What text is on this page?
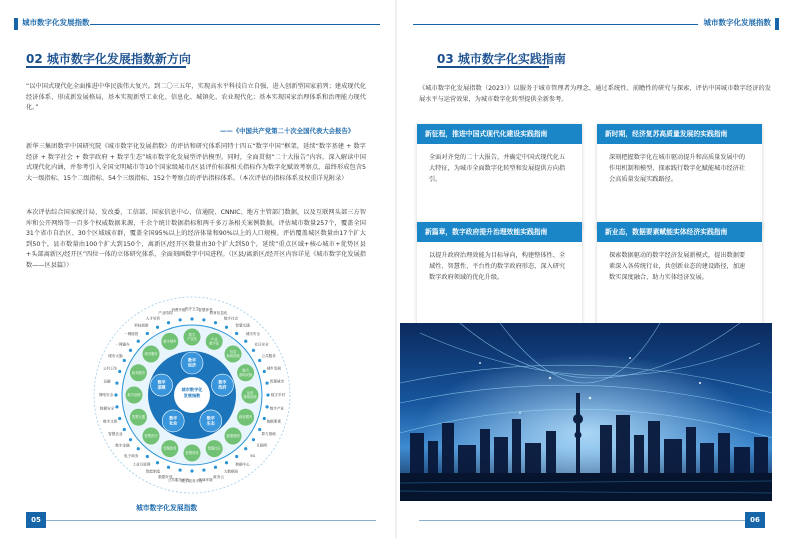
城市数字化发展指数
02 城市数字化发展指数新方向
“以中国式现代化全面推进中华民族伟大复兴。到二〇三五年，实现高水平科技自立自强，进入创新型国家前列；建成现代化经济体系，形成新发展格局，基本实现新型工业化、信息化、城镇化、农业现代化；基本实现国家治理体系和治理能力现代化。”
——《中国共产党第二十次全国代表大会报告》
新华三集团数字中国研究院《城市数字化发展指数》的评估和研究体系同特十四五“数字中国”框架，延续“数字基建 + 数字经济 + 数字社会 + 数字政府 + 数字生态”城市数字化发展型评估模型。同时，全面贯彻“二十大报告”内容，深入解读中国式现代化内涵，并参考引入全国文明城市等10个国家级城市/区县评价标准相关指标作为数字化赋效考察点，最终形成包含5大一级指标、15个二级指标、54个三级指标、152个考察点的评估指标体系。（本次评估的指标体系及权重详见附录）
本次评估综合国家统计局、发改委、工信部、国家信息中心、信通院、CNNIC、地方主管部门数据，以及互联网头部三方智库和公开网络等一百多个权威数据来源，千余个统计数据指标和两千多万条相关案例数据。评估城市数量257个，覆盖全国31个省市自治区、30个区域城市群，覆盖全国95%以上的经济体量和90%以上的人口规模。评估覆盖城区数量由17个扩大到50个，县市数量由100个扩大到150个，离新区/经开区数量由30个扩大到50个，延续“重点区域+核心城市+优势区县+头部离新区/经开区”四位一体的立体研究体系，全面刻画数字中国进程。（区县/离新区/经开区内容详见《城市数字化发展指数——区县篇》）
数字
产业化	产业
数字化
信息
基础设施
融合
基础设施
运营
基础设施
政府服务
数据管理
智慧社区
智慧养老
智慧教育
智慧医疗
智慧交通
数字治理
政务服务
城市服务
数字城乡
数字
经济
数字
政府
数字
生态
数字
社会
数字
基建	城市数字化
发展指数
医疗卫生 智慧养老
教育信息化
数字社会
智慧交通
城市安全
社区安全
公共服务
城乡发展
智慧城市
数字乡村
数字产业
数据要素
算力基础
互联网
5G
数据中心
大数据局
政务云
营商环境
数字政务平台
公共服务平台
数据开放
智能制造
工业互联网
电子商务
数字金融
智慧农业
数字文旅
数据安全
网络安全
双碳
公共卫生
城市大脑
一网通办
一网统管
科技创新
人才培育
产业结构
消费升级
城市数字化发展指数
05
城市数字化发展指数
03 城市数字化实践指南
《城市数字化发展指数（2023）》以服务于城市管理者为理念，通过系统性、前瞻性的研究与探索，评估中国城市数字经济的发展水平与运营效果，为城市数字化转型提供全新参考。
新征程，推进中国式现代化建设实践指南
全面对齐党的二十大报告，并确定中国式现代化五大特征，为城市全面数字化转型和发展提供方向指引。
新时期，经济复苏高质量发展的实践指南
深刻把握数字化在城市驱动提升和高质量发展中的作用机制和模型，探索践行数字化赋能城市经济社会高质量发展实践路径。
新篇章，数字政府提升治理效能实践指南
以提升政府治理效能为目标导向，构建整体性、全域性、智慧性、平台性的数字政府形态，深入研究数字政府领域的优化升级。
新业态，数据要素赋能实体经济实践指南
探索数据驱动的数字经济发展新模式，提出数据要素深入各传统行业，共创新业态的建设路径，加速数实深度融合，助力实体经济发展。
06
